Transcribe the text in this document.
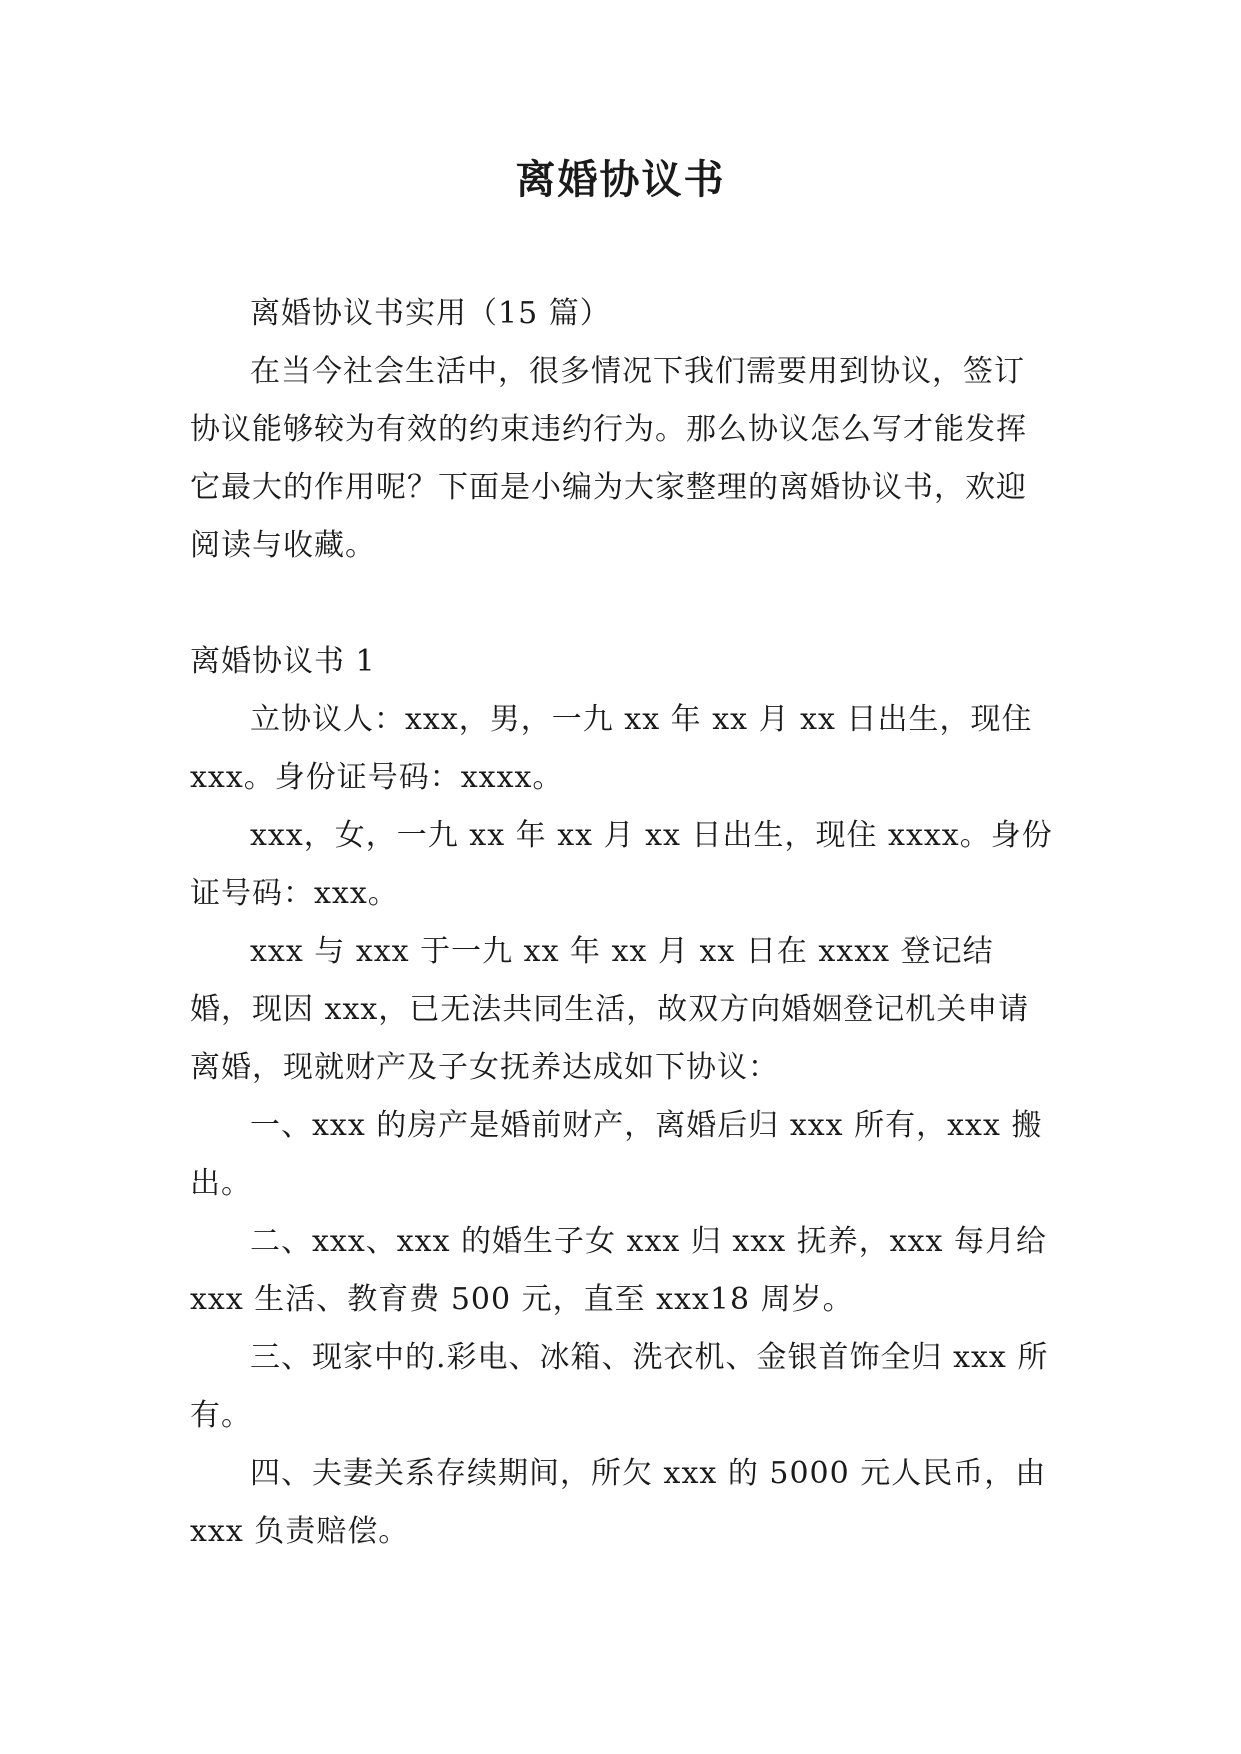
离婚协议书

离婚协议书实用（15 篇）

在当今社会生活中，很多情况下我们需要用到协议，签订协议能够较为有效的约束违约行为。那么协议怎么写才能发挥它最大的作用呢？下面是小编为大家整理的离婚协议书，欢迎阅读与收藏。

离婚协议书 1

立协议人：xxx，男，一九 xx 年 xx 月 xx 日出生，现住 xxx。身份证号码：xxxx。

xxx，女，一九 xx 年 xx 月 xx 日出生，现住 xxxx。身份证号码：xxx。

xxx 与 xxx 于一九 xx 年 xx 月 xx 日在 xxxx 登记结婚，现因 xxx，已无法共同生活，故双方向婚姻登记机关申请离婚，现就财产及子女抚养达成如下协议：

一、xxx 的房产是婚前财产，离婚后归 xxx 所有，xxx 搬出。

二、xxx、xxx 的婚生子女 xxx 归 xxx 抚养，xxx 每月给 xxx 生活、教育费 500 元，直至 xxx18 周岁。

三、现家中的.彩电、冰箱、洗衣机、金银首饰全归 xxx 所有。

四、夫妻关系存续期间，所欠 xxx 的 5000 元人民币，由 xxx 负责赔偿。
